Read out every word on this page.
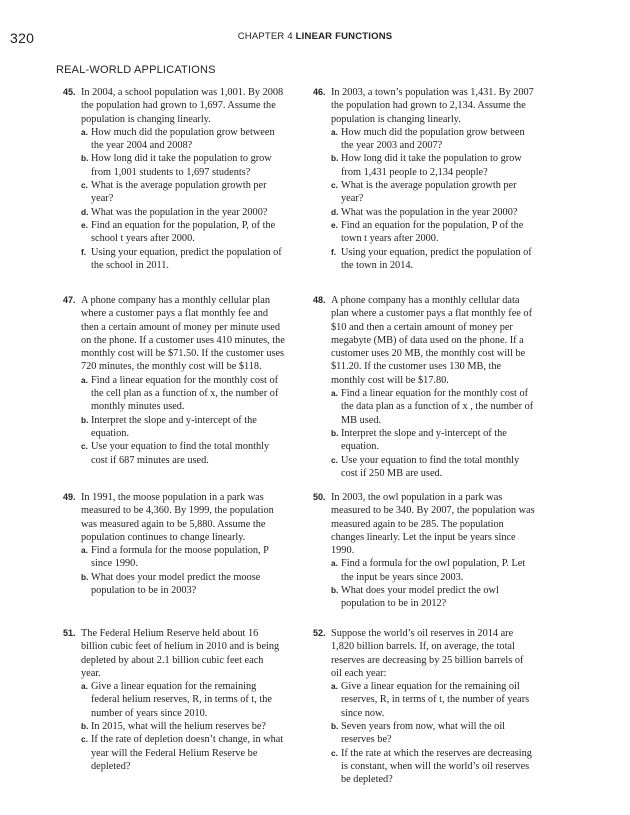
320	CHAPTER 4 LINEAR FUNCTIONS
REAL-WORLD APPLICATIONS
45. In 2004, a school population was 1,001. By 2008 the population had grown to 1,697. Assume the population is changing linearly.
a. How much did the population grow between the year 2004 and 2008?
b. How long did it take the population to grow from 1,001 students to 1,697 students?
c. What is the average population growth per year?
d. What was the population in the year 2000?
e. Find an equation for the population, P, of the school t years after 2000.
f. Using your equation, predict the population of the school in 2011.
46. In 2003, a town’s population was 1,431. By 2007 the population had grown to 2,134. Assume the population is changing linearly.
a. How much did the population grow between the year 2003 and 2007?
b. How long did it take the population to grow from 1,431 people to 2,134 people?
c. What is the average population growth per year?
d. What was the population in the year 2000?
e. Find an equation for the population, P of the town t years after 2000.
f. Using your equation, predict the population of the town in 2014.
47. A phone company has a monthly cellular plan where a customer pays a flat monthly fee and then a certain amount of money per minute used on the phone. If a customer uses 410 minutes, the monthly cost will be $71.50. If the customer uses 720 minutes, the monthly cost will be $118.
a. Find a linear equation for the monthly cost of the cell plan as a function of x, the number of monthly minutes used.
b. Interpret the slope and y-intercept of the equation.
c. Use your equation to find the total monthly cost if 687 minutes are used.
48. A phone company has a monthly cellular data plan where a customer pays a flat monthly fee of $10 and then a certain amount of money per megabyte (MB) of data used on the phone. If a customer uses 20 MB, the monthly cost will be $11.20. If the customer uses 130 MB, the monthly cost will be $17.80.
a. Find a linear equation for the monthly cost of the data plan as a function of x , the number of MB used.
b. Interpret the slope and y-intercept of the equation.
c. Use your equation to find the total monthly cost if 250 MB are used.
49. In 1991, the moose population in a park was measured to be 4,360. By 1999, the population was measured again to be 5,880. Assume the population continues to change linearly.
a. Find a formula for the moose population, P since 1990.
b. What does your model predict the moose population to be in 2003?
50. In 2003, the owl population in a park was measured to be 340. By 2007, the population was measured again to be 285. The population changes linearly. Let the input be years since 1990.
a. Find a formula for the owl population, P. Let the input be years since 2003.
b. What does your model predict the owl population to be in 2012?
51. The Federal Helium Reserve held about 16 billion cubic feet of helium in 2010 and is being depleted by about 2.1 billion cubic feet each year.
a. Give a linear equation for the remaining federal helium reserves, R, in terms of t, the number of years since 2010.
b. In 2015, what will the helium reserves be?
c. If the rate of depletion doesn’t change, in what year will the Federal Helium Reserve be depleted?
52. Suppose the world’s oil reserves in 2014 are 1,820 billion barrels. If, on average, the total reserves are decreasing by 25 billion barrels of oil each year:
a. Give a linear equation for the remaining oil reserves, R, in terms of t, the number of years since now.
b. Seven years from now, what will the oil reserves be?
c. If the rate at which the reserves are decreasing is constant, when will the world’s oil reserves be depleted?
